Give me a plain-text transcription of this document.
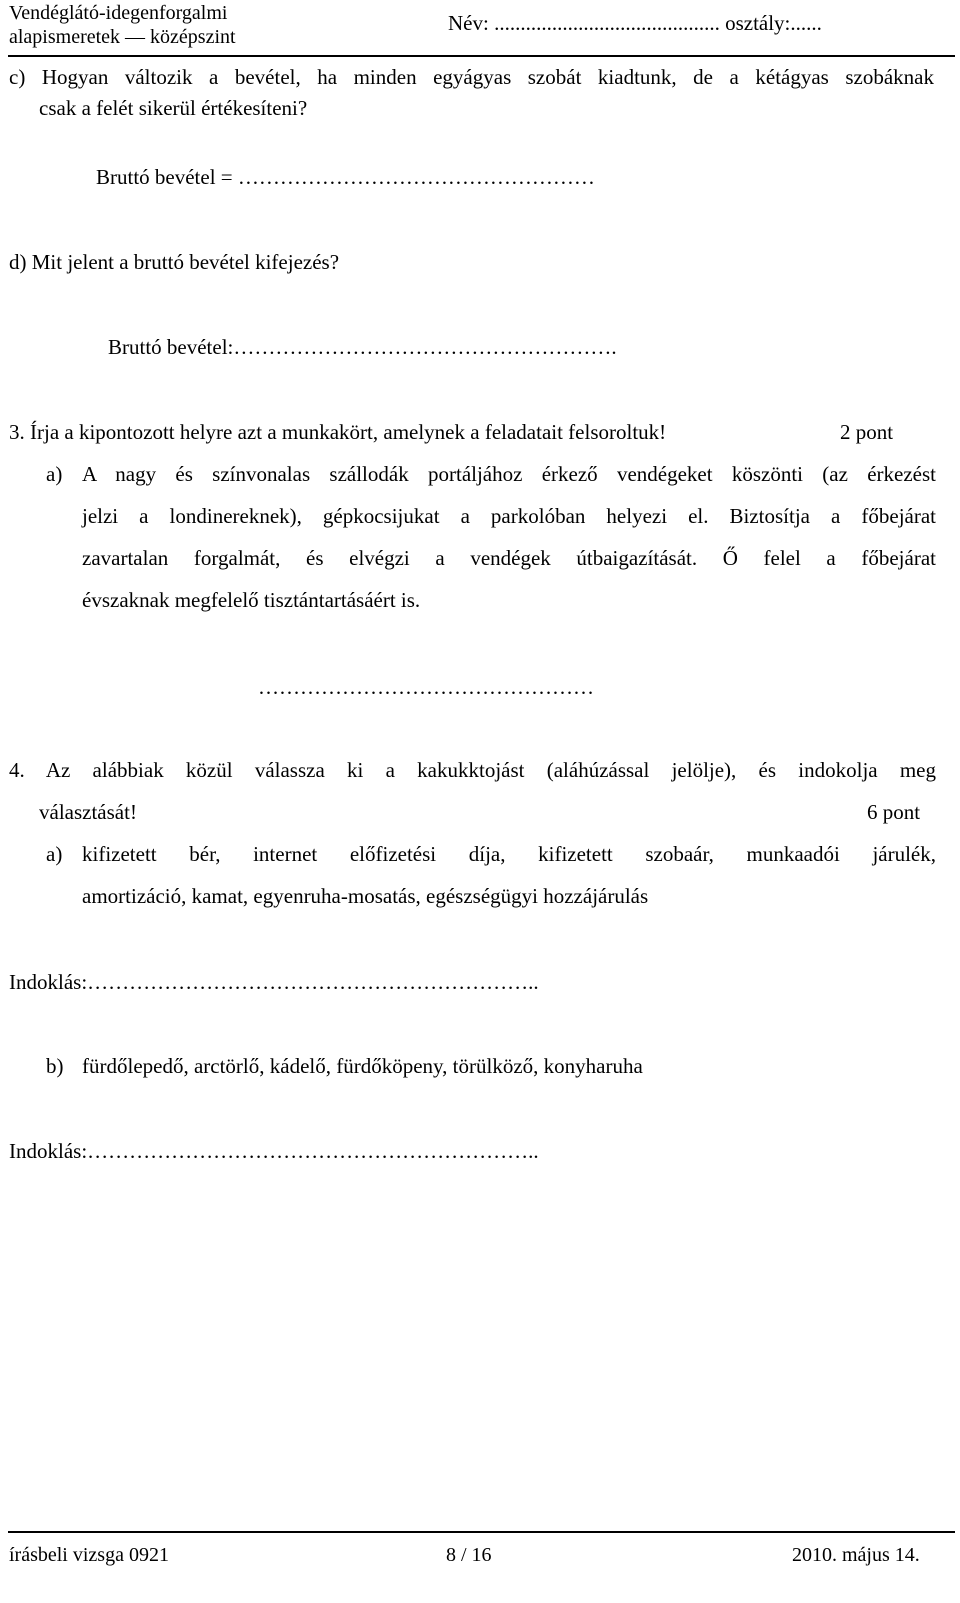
Vendéglátó-idegenforgalmi
alapismeretek — középszint
Név: ........................................... osztály:......
c) Hogyan változik a bevétel, ha minden egyágyas szobát kiadtunk, de a kétágyas szobáknak
csak a felét sikerül értékesíteni?
Bruttó bevétel = ……………………………………………
d) Mit jelent a bruttó bevétel kifejezés?
Bruttó bevétel:……………………………………………….
3. Írja a kipontozott helyre azt a munkakört, amelynek a feladatait felsoroltuk!	2 pont
a) A nagy és színvonalas szállodák portáljához érkező vendégeket köszönti (az érkezést
jelzi a londinereknek), gépkocsijukat a parkolóban helyezi el. Biztosítja a főbejárat
zavartalan forgalmát, és elvégzi a vendégek útbaigazítását. Ő felel a főbejárat
évszaknak megfelelő tisztántartásáért is.
…………………………………………
4. Az alábbiak közül válassza ki a kakukktojást (aláhúzással jelölje), és indokolja meg
választását!	6 pont
a) kifizetett bér, internet előfizetési díja, kifizetett szobaár, munkaadói járulék,
amortizáció, kamat, egyenruha-mosatás, egészségügyi hozzájárulás
Indoklás:………………………………………………………..
b) fürdőlepedő, arctörlő, kádelő, fürdőköpeny, törülköző, konyharuha
Indoklás:………………………………………………………..
írásbeli vizsga 0921	8 / 16	2010. május 14.
